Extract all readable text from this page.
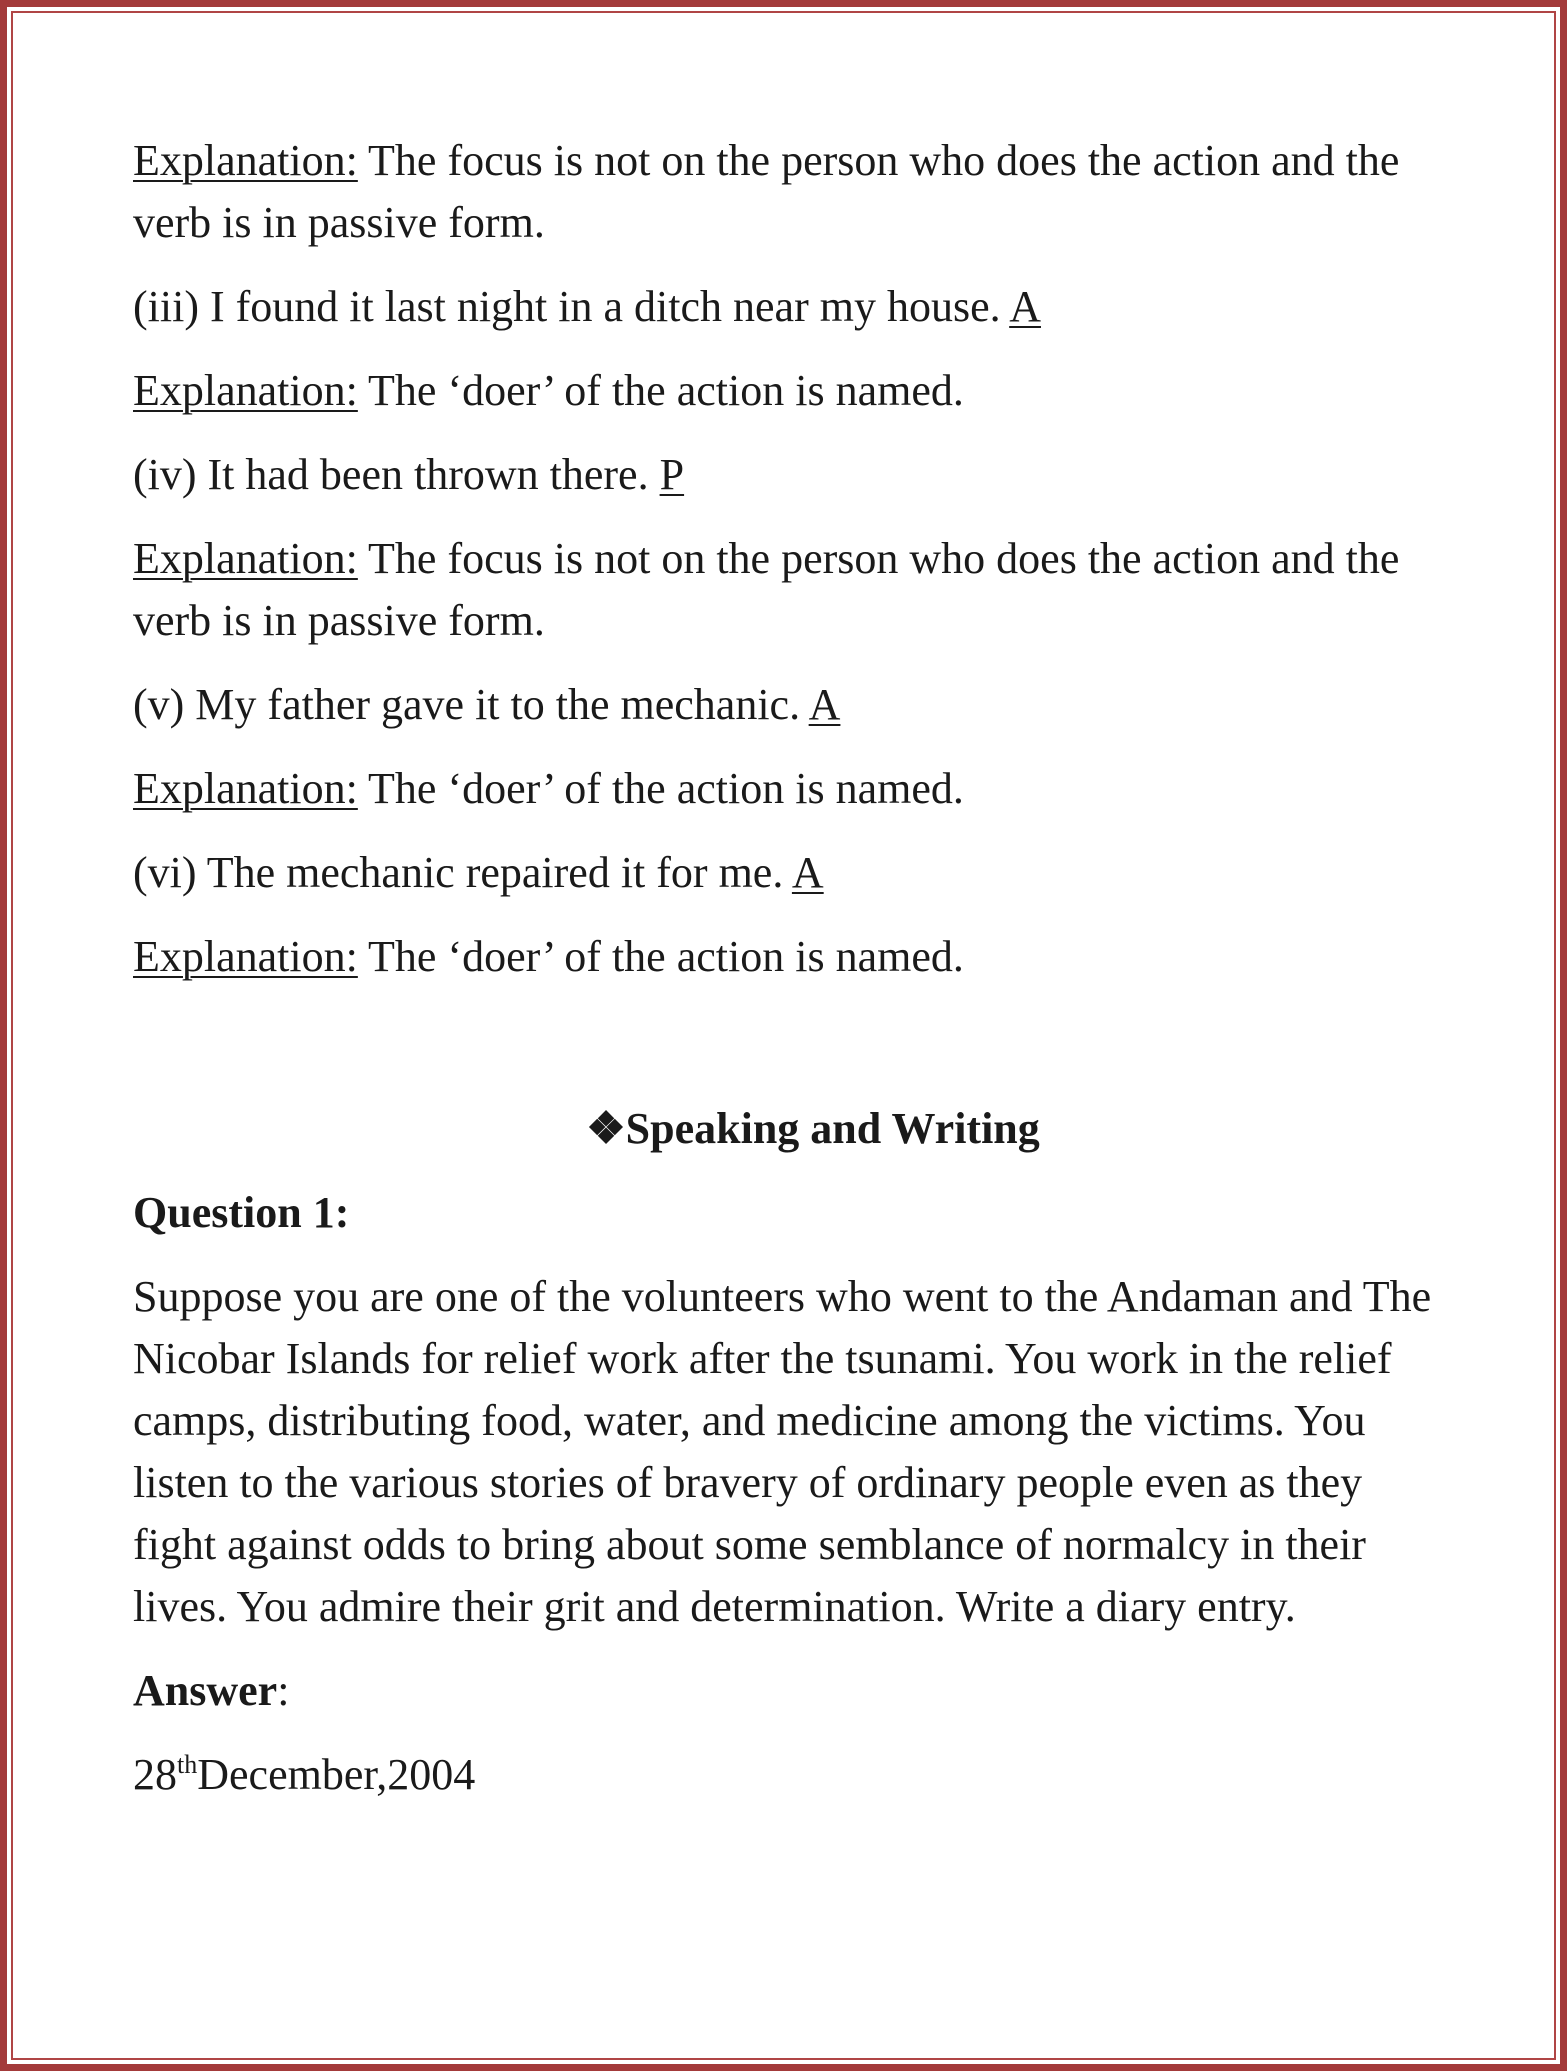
Explanation: The focus is not on the person who does the action and the verb is in passive form.

(iii) I found it last night in a ditch near my house. A

Explanation: The ‘doer’ of the action is named.

(iv) It had been thrown there. P

Explanation: The focus is not on the person who does the action and the verb is in passive form.

(v) My father gave it to the mechanic. A

Explanation: The ‘doer’ of the action is named.

(vi) The mechanic repaired it for me. A

Explanation: The ‘doer’ of the action is named.

❖Speaking and Writing
Question 1:

Suppose you are one of the volunteers who went to the Andaman and The Nicobar Islands for relief work after the tsunami. You work in the relief camps, distributing food, water, and medicine among the victims. You listen to the various stories of bravery of ordinary people even as they fight against odds to bring about some semblance of normalcy in their lives. You admire their grit and determination. Write a diary entry.

Answer:

28thDecember,2004
